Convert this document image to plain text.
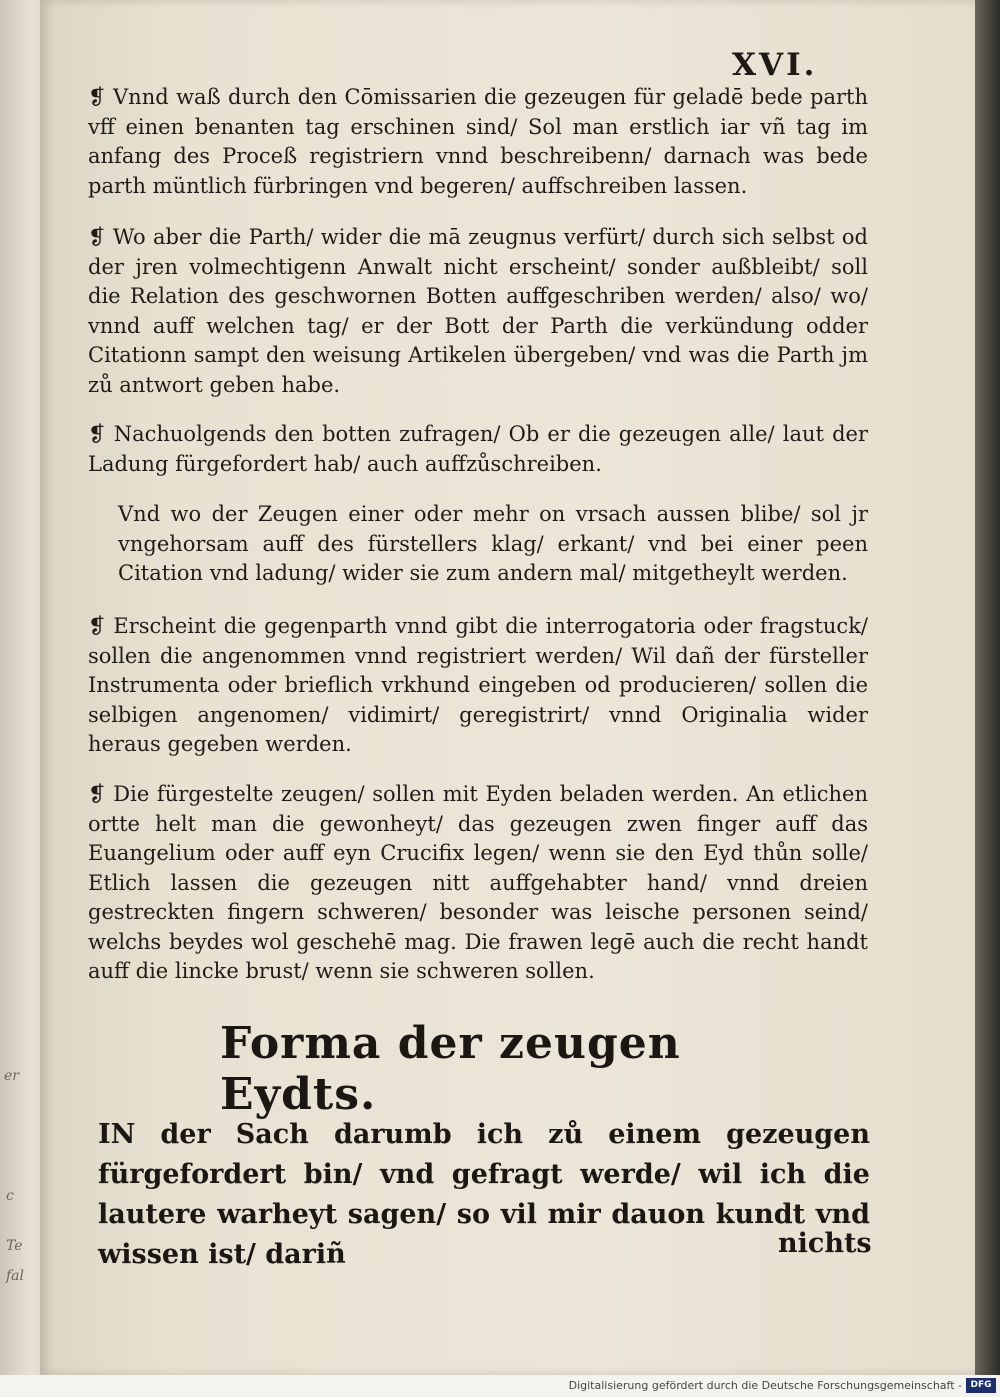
er
c
Te
fal
XVI.

❡ Vnnd waß durch den Cōmissarien die gezeugen für geladē bede parth vff einen benanten tag erschinen sind/ Sol man erstlich iar vñ tag im anfang des Proceß registriern vnnd beschreibenn/ darnach was bede parth müntlich fürbringen vnd begeren/ auffschreiben lassen.

❡ Wo aber die Parth/ wider die mā zeugnus verfürt/ durch sich selbst od der jren volmechtigenn Anwalt nicht erscheint/ sonder außbleibt/ soll die Relation des geschwornen Botten auffgeschriben werden/ also/ wo/ vnnd auff welchen tag/ er der Bott der Parth die verkündung odder Citationn sampt den weisung Artikelen übergeben/ vnd was die Parth jm zů antwort geben habe.

❡ Nachuolgends den botten zufragen/ Ob er die gezeugen alle/ laut der Ladung fürgefordert hab/ auch auffzůschreiben.

Vnd wo der Zeugen einer oder mehr on vrsach aussen blibe/ sol jr vngehorsam auff des fürstellers klag/ erkant/ vnd bei einer peen Citation vnd ladung/ wider sie zum andern mal/ mitgetheylt werden.

❡ Erscheint die gegenparth vnnd gibt die interrogatoria oder fragstuck/ sollen die angenommen vnnd registriert werden/ Wil dañ der fürsteller Instrumenta oder brieflich vrkhund eingeben od producieren/ sollen die selbigen angenomen/ vidimirt/ geregistrirt/ vnnd Originalia wider heraus gegeben werden.

❡ Die fürgestelte zeugen/ sollen mit Eyden beladen werden. An etlichen ortte helt man die gewonheyt/ das gezeugen zwen finger auff das Euangelium oder auff eyn Crucifix legen/ wenn sie den Eyd thůn solle/ Etlich lassen die gezeugen nitt auffgehabter hand/ vnnd dreien gestreckten fingern schweren/ besonder was leische personen seind/ welchs beydes wol geschehē mag. Die frawen legē auch die recht handt auff die lincke brust/ wenn sie schweren sollen.

Forma der zeugen Eydts.

IN der Sach darumb ich zů einem gezeugen fürgefordert bin/ vnd gefragt werde/ wil ich die lautere warheyt sagen/ so vil mir dauon kundt vnd wissen ist/ dariñ	nichts
Digitalisierung gefördert durch die Deutsche Forschungsgemeinschaft - DFG
